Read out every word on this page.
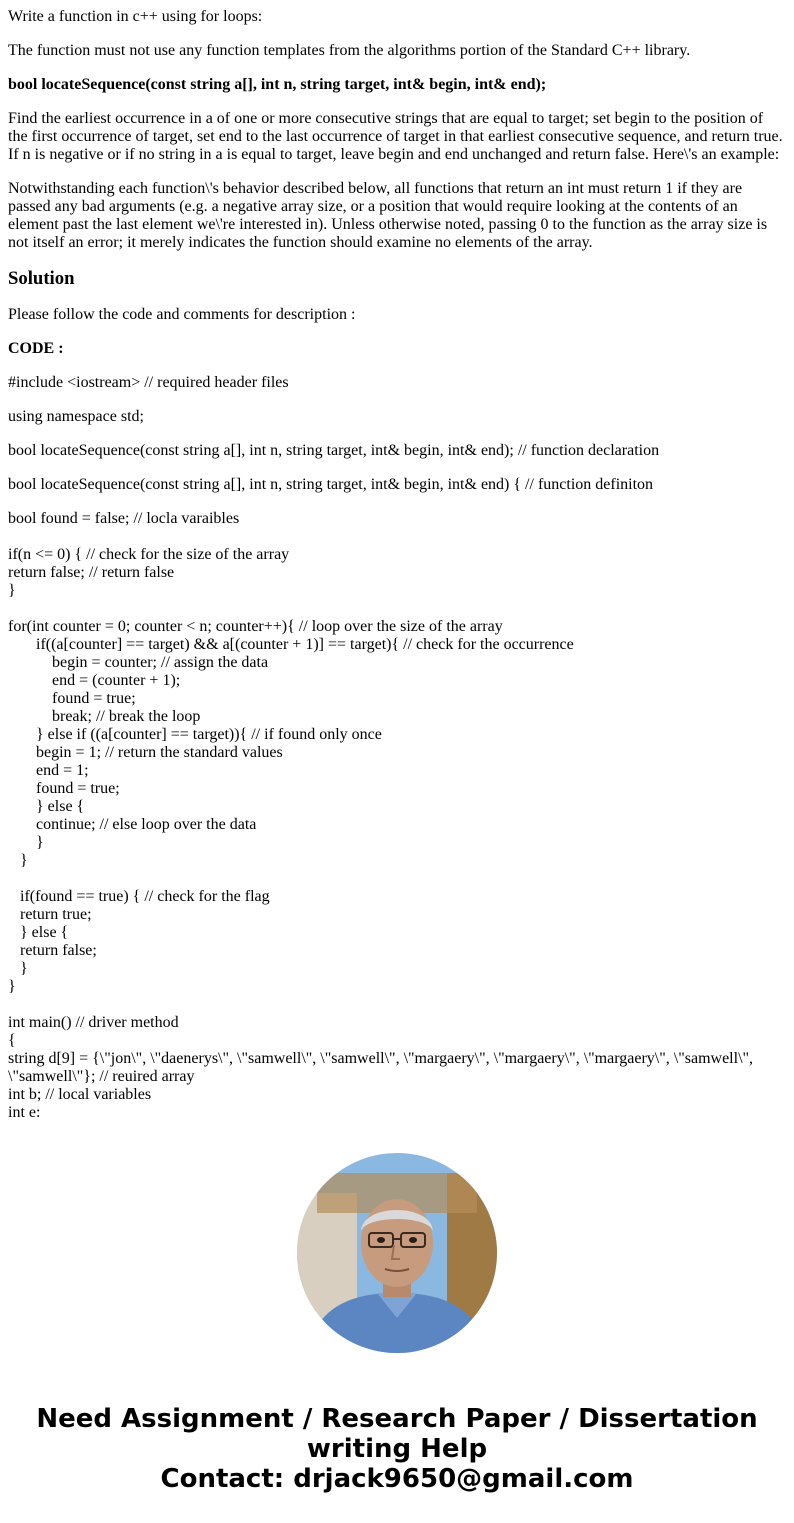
Write a function in c++ using for loops:

The function must not use any function templates from the algorithms portion of the Standard C++ library.

bool locateSequence(const string a[], int n, string target, int& begin, int& end);

Find the earliest occurrence in a of one or more consecutive strings that are equal to target; set begin to the position of the first occurrence of target, set end to the last occurrence of target in that earliest consecutive sequence, and return true. If n is negative or if no string in a is equal to target, leave begin and end unchanged and return false. Here\'s an example:

Notwithstanding each function\'s behavior described below, all functions that return an int must return 1 if they are passed any bad arguments (e.g. a negative array size, or a position that would require looking at the contents of an element past the last element we\'re interested in). Unless otherwise noted, passing 0 to the function as the array size is not itself an error; it merely indicates the function should examine no elements of the array.

Solution

Please follow the code and comments for description :

CODE :

#include <iostream> // required header files

using namespace std;

bool locateSequence(const string a[], int n, string target, int& begin, int& end); // function declaration

bool locateSequence(const string a[], int n, string target, int& begin, int& end) { // function definiton

bool found = false; // locla varaibles

if(n <= 0) { // check for the size of the array
return false; // return false
}
for(int counter = 0; counter < n; counter++){ // loop over the size of the array
if((a[counter] == target) && a[(counter + 1)] == target){ // check for the occurrence
begin = counter; // assign the data
end = (counter + 1);
found = true;
break; // break the loop
} else if ((a[counter] == target)){ // if found only once
begin = 1; // return the standard values
end = 1;
found = true;
} else {
continue; // else loop over the data
}
}
if(found == true) { // check for the flag
return true;
} else {
return false;
}
}
int main() // driver method
{
string d[9] = {\"jon\", \"daenerys\", \"samwell\", \"samwell\", \"margaery\", \"margaery\", \"margaery\", \"samwell\", \"samwell\"}; // reuired array
int b; // local variables
int e:
Need Assignment / Research Paper / Dissertation
writing Help
Contact: drjack9650@gmail.com
